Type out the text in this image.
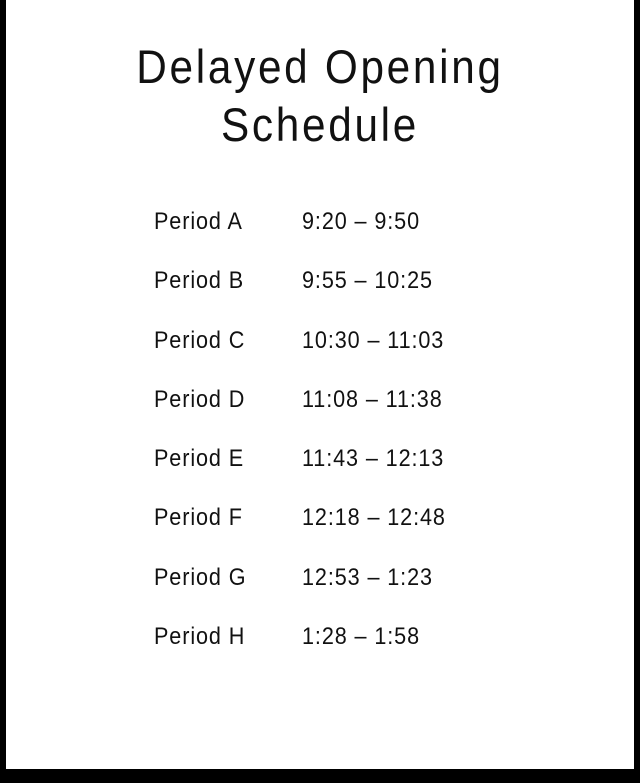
Delayed Opening
Schedule
Period A 9:20 – 9:50
Period B 9:55 – 10:25
Period C 10:30 – 11:03
Period D 11:08 – 11:38
Period E 11:43 – 12:13
Period F 12:18 – 12:48
Period G 12:53 – 1:23
Period H 1:28 – 1:58
